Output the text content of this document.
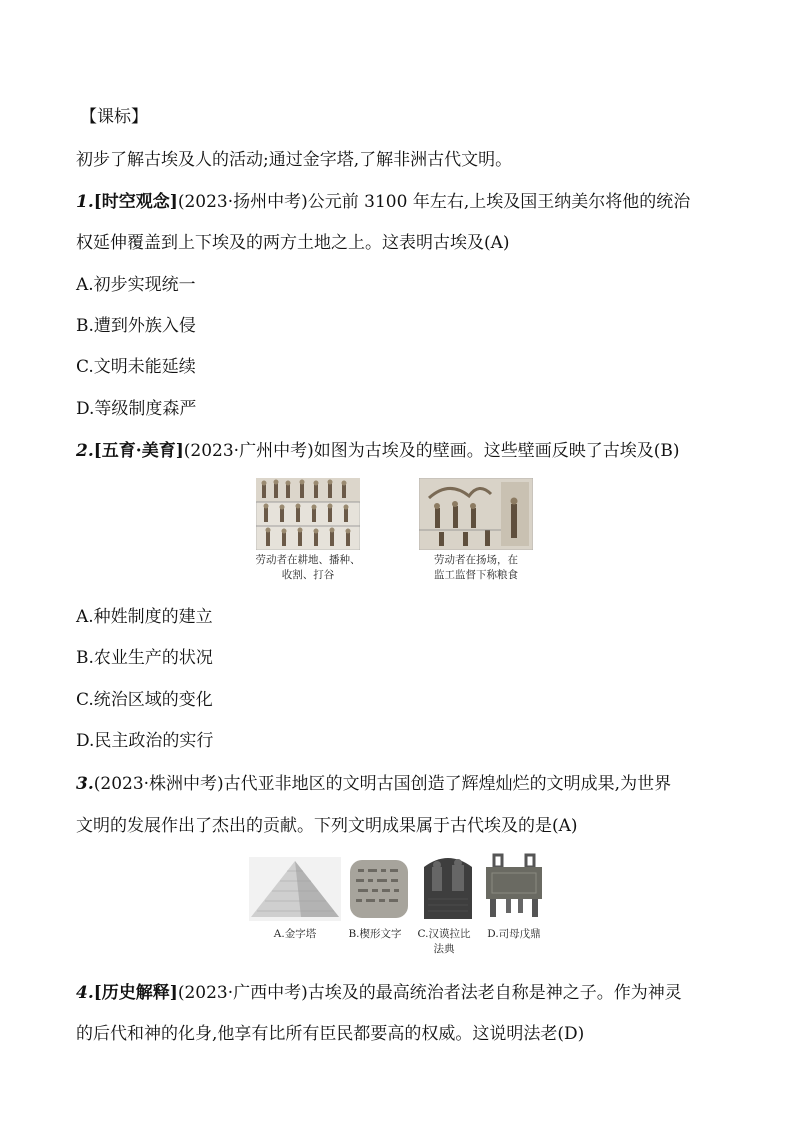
【课标】
初步了解古埃及人的活动;通过金字塔,了解非洲古代文明。
1.[时空观念](2023·扬州中考)公元前 3100 年左右,上埃及国王纳美尔将他的统治
权延伸覆盖到上下埃及的两方土地之上。这表明古埃及(A)
A.初步实现统一
B.遭到外族入侵
C.文明未能延续
D.等级制度森严
2.[五育·美育](2023·广州中考)如图为古埃及的壁画。这些壁画反映了古埃及(B)
劳动者在耕地、播种、
收割、打谷
劳动者在扬场，在
监工监督下称粮食
A.种姓制度的建立
B.农业生产的状况
C.统治区域的变化
D.民主政治的实行
3.(2023·株洲中考)古代亚非地区的文明古国创造了辉煌灿烂的文明成果,为世界
文明的发展作出了杰出的贡献。下列文明成果属于古代埃及的是(A)
A.金字塔	B.楔形文字	C.汉谟拉比
法典
D.司母戊鼎
4.[历史解释](2023·广西中考)古埃及的最高统治者法老自称是神之子。作为神灵
的后代和神的化身,他享有比所有臣民都要高的权威。这说明法老(D)
